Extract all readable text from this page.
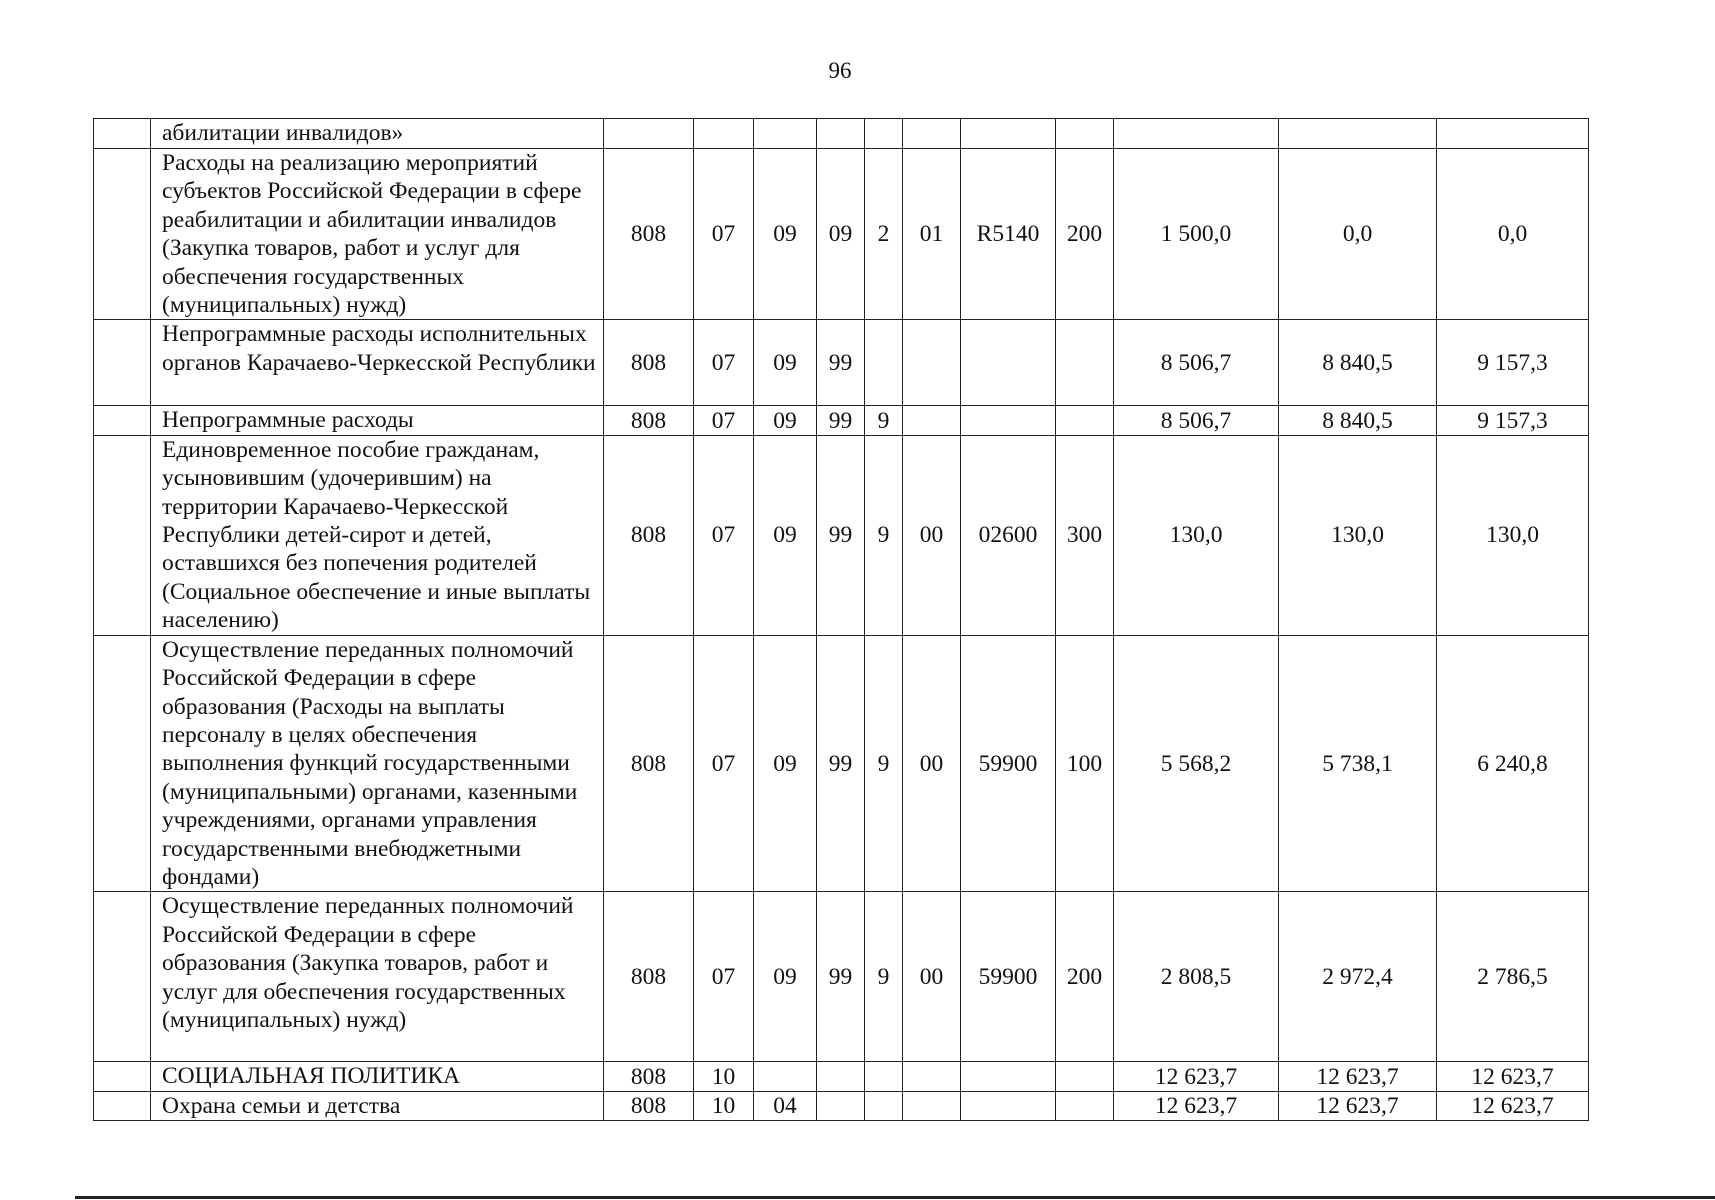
96
	абилитации инвалидов»											
	Расходы на реализацию мероприятий субъектов Российской Федерации в сфере реабилитации и абилитации инвалидов (Закупка товаров, работ и услуг для обеспечения государственных (муниципальных) нужд)	808	07	09	09	2	01	R5140	200	1 500,0	0,0	0,0
	Непрограммные расходы исполнительных органов Карачаево-Черкесской Республики	808	07	09	99					8 506,7	8 840,5	9 157,3
	Непрограммные расходы	808	07	09	99	9				8 506,7	8 840,5	9 157,3
	Единовременное пособие гражданам, усыновившим (удочерившим) на территории Карачаево-Черкесской Республики детей-сирот и детей, оставшихся без попечения родителей (Социальное обеспечение и иные выплаты населению)	808	07	09	99	9	00	02600	300	130,0	130,0	130,0
	Осуществление переданных полномочий Российской Федерации в сфере образования (Расходы на выплаты персоналу в целях обеспечения выполнения функций государственными (муниципальными) органами, казенными учреждениями, органами управления государственными внебюджетными фондами)	808	07	09	99	9	00	59900	100	5 568,2	5 738,1	6 240,8
	Осуществление переданных полномочий Российской Федерации в сфере образования (Закупка товаров, работ и услуг для обеспечения государственных (муниципальных) нужд)	808	07	09	99	9	00	59900	200	2 808,5	2 972,4	2 786,5
	СОЦИАЛЬНАЯ ПОЛИТИКА	808	10							12 623,7	12 623,7	12 623,7
	Охрана семьи и детства	808	10	04						12 623,7	12 623,7	12 623,7
